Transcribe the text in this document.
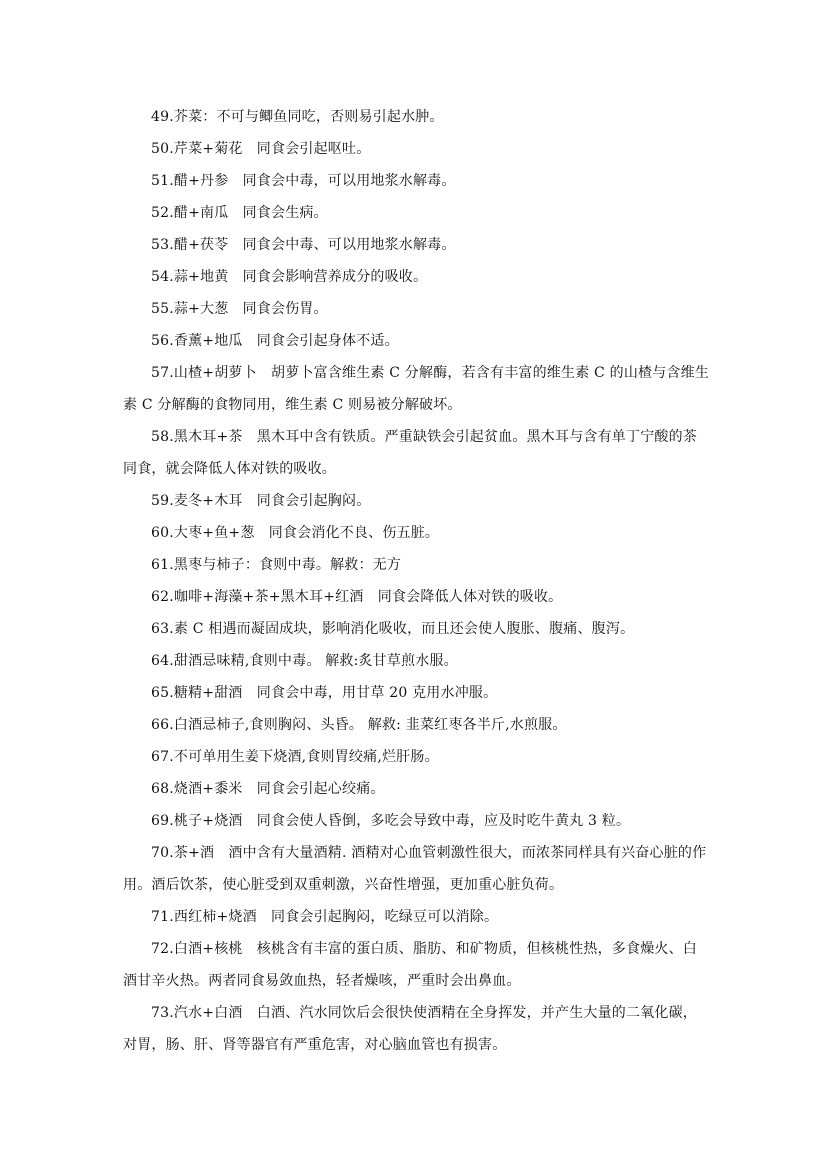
49.芥菜：不可与鲫鱼同吃，否则易引起水肿。

50.芹菜+菊花　同食会引起呕吐。

51.醋+丹参　同食会中毒，可以用地浆水解毒。

52.醋+南瓜　同食会生病。

53.醋+茯苓　同食会中毒、可以用地浆水解毒。

54.蒜+地黄　同食会影响营养成分的吸收。

55.蒜+大葱　同食会伤胃。

56.香薰+地瓜　同食会引起身体不适。

57.山楂+胡萝卜　胡萝卜富含维生素 C 分解酶，若含有丰富的维生素 C 的山楂与含维生素 C 分解酶的食物同用，维生素 C 则易被分解破坏。

58.黑木耳+茶　黑木耳中含有铁质。严重缺铁会引起贫血。黑木耳与含有单丁宁酸的茶同食，就会降低人体对铁的吸收。

59.麦冬+木耳　同食会引起胸闷。

60.大枣+鱼+葱　同食会消化不良、伤五脏。

61.黑枣与柿子：食则中毒。解救：无方

62.咖啡+海藻+茶+黑木耳+红酒　同食会降低人体对铁的吸收。

63.素 C 相遇而凝固成块，影响消化吸收，而且还会使人腹胀、腹痛、腹泻。

64.甜酒忌味精,食则中毒。 解救:炙甘草煎水服。

65.糖精+甜酒　同食会中毒，用甘草 20 克用水冲服。

66.白酒忌柿子,食则胸闷、头昏。 解救: 韭菜红枣各半斤,水煎服。

67.不可单用生姜下烧酒,食则胃绞痛,烂肝肠。

68.烧酒+黍米　同食会引起心绞痛。

69.桃子+烧酒　同食会使人昏倒，多吃会导致中毒，应及时吃牛黄丸 3 粒。

70.茶+酒　酒中含有大量酒精. 酒精对心血管刺激性很大，而浓茶同样具有兴奋心脏的作用。酒后饮茶，使心脏受到双重刺激，兴奋性增强，更加重心脏负荷。

71.西红柿+烧酒　同食会引起胸闷，吃绿豆可以消除。

72.白酒+核桃　核桃含有丰富的蛋白质、脂肪、和矿物质，但核桃性热，多食燥火、白酒甘辛火热。两者同食易敛血热，轻者燥咳，严重时会出鼻血。

73.汽水+白酒　白酒、汽水同饮后会很快使酒精在全身挥发，并产生大量的二氧化碳，对胃，肠、肝、肾等器官有严重危害，对心脑血管也有损害。
